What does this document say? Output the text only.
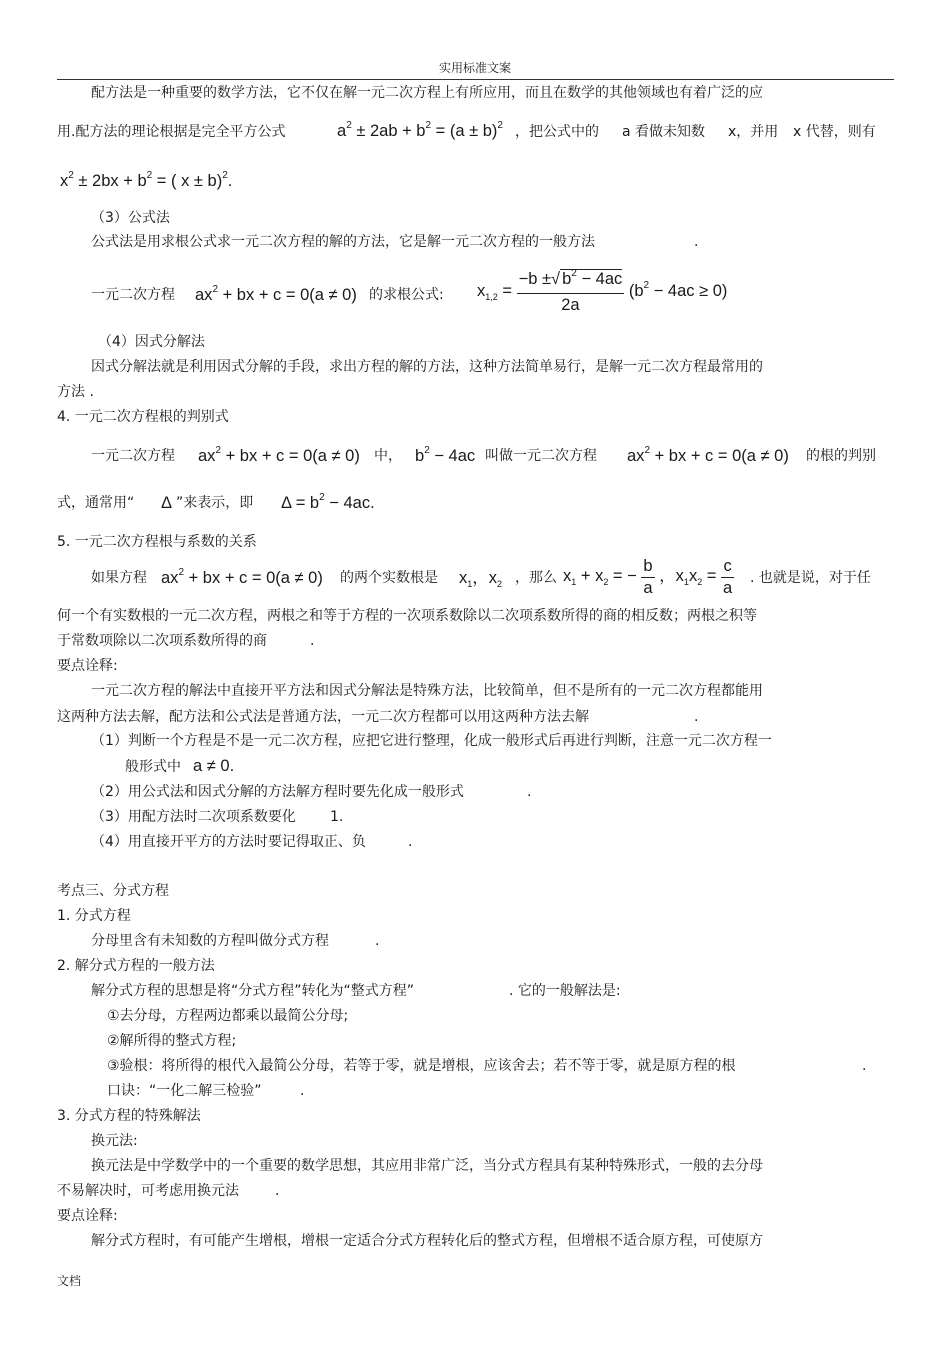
实用标准文案
配方法是一种重要的数学方法，它不仅在解一元二次方程上有所应用，而且在数学的其他领域也有着广泛的应
用.配方法的理论根据是完全平方公式	$a^2 \pm 2ab + b^2 = (a \pm b)^2$ ，把公式中的 a 看做未知数 x，并用 x 代替，则有
$x^2 \pm 2bx + b^2$ = ( x ± b)$^2$.
（3）公式法
公式法是用求根公式求一元二次方程的解的方法，它是解一元二次方程的一般方法	.
一元二次方程 $ax^2$ + bx + c = 0(a ≠ 0) 的求根公式: $x_{1,2} = \frac{-b \pm√ b^2 - 4ac}{2a} (b^2 - 4ac \ge 0)$
（4）因式分解法
因式分解法就是利用因式分解的手段，求出方程的解的方法，这种方法简单易行，是解一元二次方程最常用的
方法 .
4. 一元二次方程根的判别式
一元二次方程 $ax^2$ + bx + c = 0(a ≠ 0) 中， $b^2 - 4ac$ 叫做一元二次方程 $ax^2$ + bx + c = 0(a ≠ 0) 的根的判别
式，通常用“ Δ ”来表示，即 $\Delta = b^2 - 4ac$.
5. 一元二次方程根与系数的关系
如果方程 $ax^2$ + bx + c = 0(a ≠ 0) 的两个实数根是 $x_1$，$x_2$ ，那么 $x_1 + x_2$ = − $\frac{b}{a}$ ，$x_1x_2 = \frac{c}{a}$ . 也就是说，对于任
何一个有实数根的一元二次方程，两根之和等于方程的一次项系数除以二次项系数所得的商的相反数；两根之积等
于常数项除以二次项系数所得的商	.
要点诠释:
一元二次方程的解法中直接开平方法和因式分解法是特殊方法，比较简单，但不是所有的一元二次方程都能用
这两种方法去解，配方法和公式法是普通方法，一元二次方程都可以用这两种方法去解	.
（1）判断一个方程是不是一元二次方程，应把它进行整理，化成一般形式后再进行判断，注意一元二次方程一
般形式中 a ≠ 0.
（2）用公式法和因式分解的方法解方程时要先化成一般形式	.
（3）用配方法时二次项系数要化 1.
（4）用直接开平方的方法时要记得取正、负	.
考点三、分式方程
1. 分式方程
分母里含有未知数的方程叫做分式方程	.
2. 解分式方程的一般方法
解分式方程的思想是将“分式方程”转化为“整式方程”	. 它的一般解法是:
①去分母，方程两边都乘以最简公分母;
②解所得的整式方程;
③验根：将所得的根代入最简公分母，若等于零，就是增根，应该舍去；若不等于零，就是原方程的根	.
口诀：“一化二解三检验”	.
3. 分式方程的特殊解法
换元法:
换元法是中学数学中的一个重要的数学思想，其应用非常广泛，当分式方程具有某种特殊形式，一般的去分母
不易解决时，可考虑用换元法	.
要点诠释:
解分式方程时，有可能产生增根，增根一定适合分式方程转化后的整式方程，但增根不适合原方程，可使原方
文档
